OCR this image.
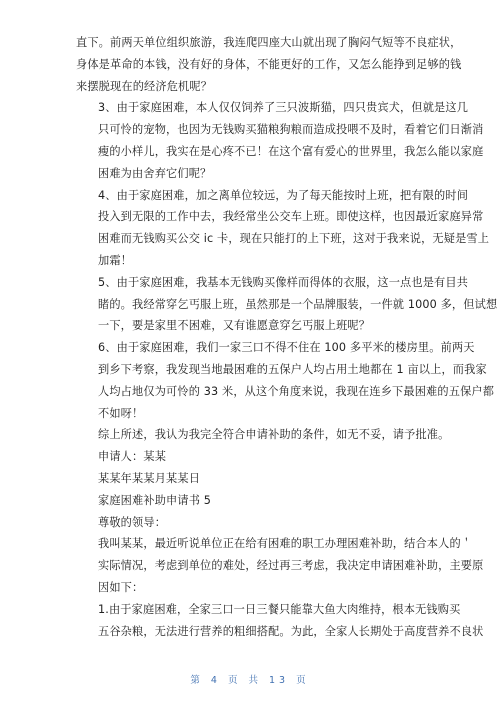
直下。前两天单位组织旅游，我连爬四座大山就出现了胸闷气短等不良症状，
身体是革命的本钱，没有好的身体，不能更好的工作，又怎么能挣到足够的钱
来摆脱现在的经济危机呢？

3、由于家庭困难，本人仅仅饲养了三只波斯猫，四只贵宾犬，但就是这几
只可怜的宠物，也因为无钱购买猫粮狗粮而造成投喂不及时，看着它们日渐消
瘦的小样儿，我实在是心疼不已！在这个富有爱心的世界里，我怎么能以家庭
困难为由舍弃它们呢？

4、由于家庭困难，加之离单位较远，为了每天能按时上班，把有限的时间
投入到无限的工作中去，我经常坐公交车上班。即使这样，也因最近家庭异常
困难而无钱购买公交 ic 卡，现在只能打的上下班，这对于我来说，无疑是雪上
加霜！

5、由于家庭困难，我基本无钱购买像样而得体的衣服，这一点也是有目共
睹的。我经常穿乞丐服上班，虽然那是一个品牌服装，一件就 1000 多，但试想
一下，要是家里不困难，又有谁愿意穿乞丐服上班呢？

6、由于家庭困难，我们一家三口不得不住在 100 多平米的楼房里。前两天
到乡下考察，我发现当地最困难的五保户人均占用土地都在 1 亩以上，而我家
人均占地仅为可怜的 33 米，从这个角度来说，我现在连乡下最困难的五保户都
不如呀！

综上所述，我认为我完全符合申请补助的条件，如无不妥，请予批准。

申请人：某某

某某年某某月某某日

家庭困难补助申请书 5

尊敬的领导：

我叫某某，最近听说单位正在给有困难的职工办理困难补助，结合本人的＇
实际情况，考虑到单位的难处，经过再三考虑，我决定申请困难补助，主要原
因如下：

1.由于家庭困难，全家三口一日三餐只能靠大鱼大肉维持，根本无钱购买
五谷杂粮，无法进行营养的粗细搭配。为此，全家人长期处于高度营养不良状

第 4 页 共 13 页
